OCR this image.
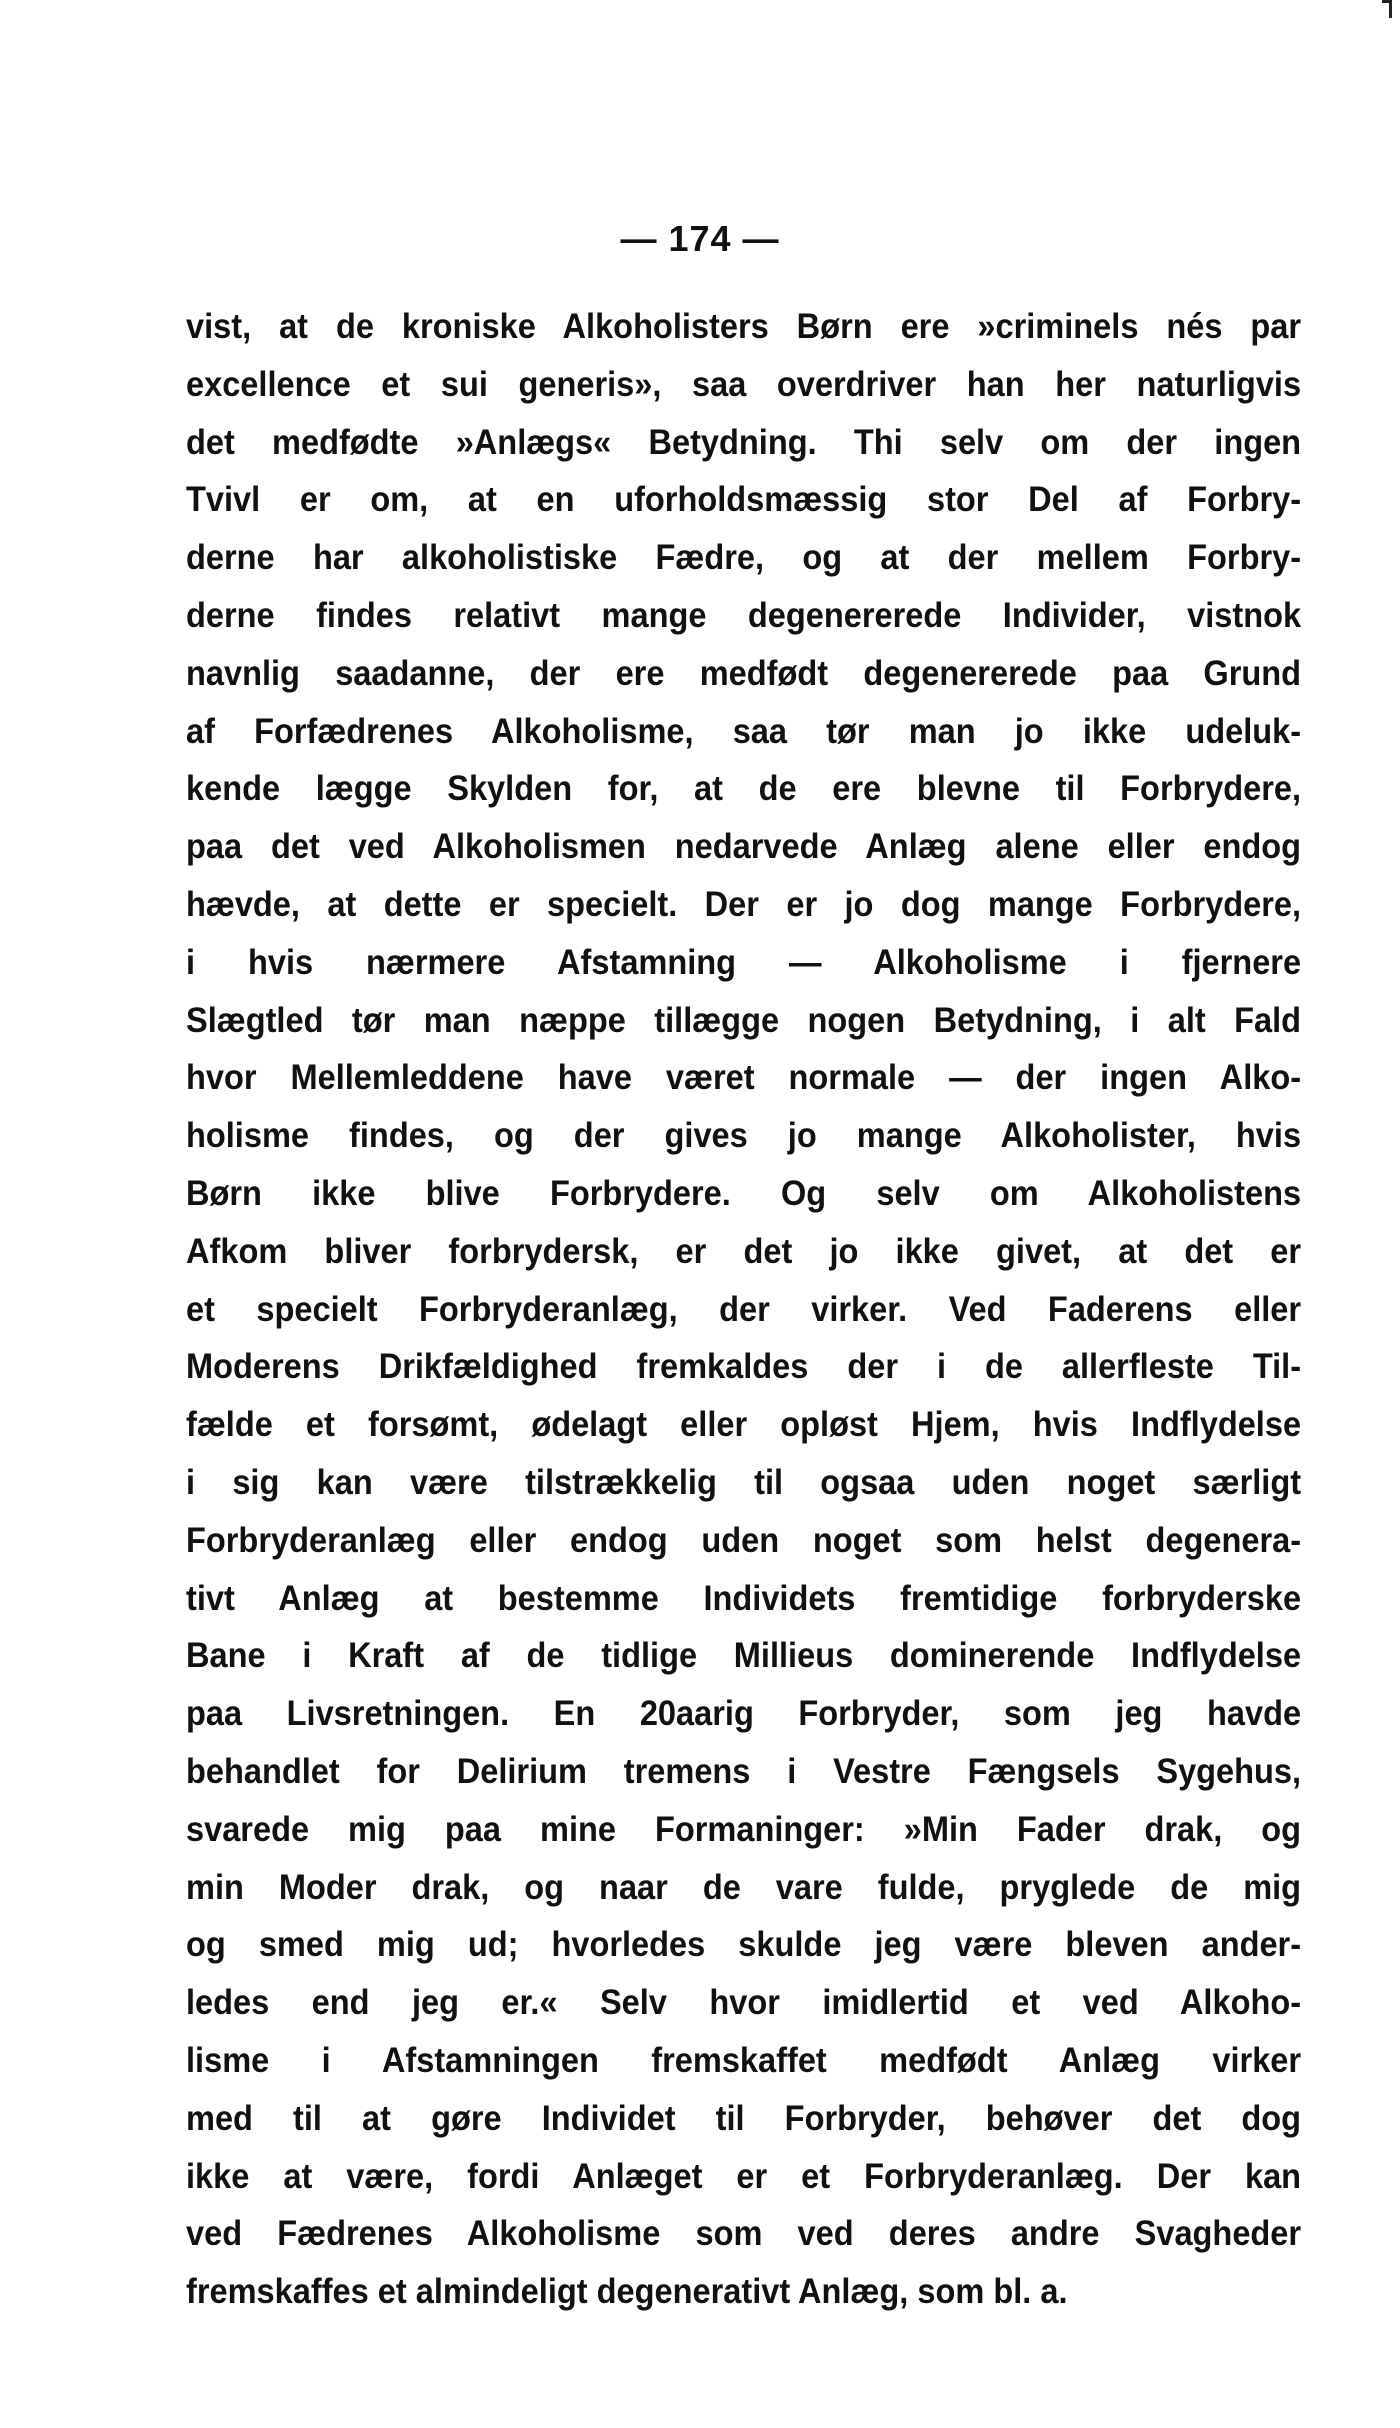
— 174 —
vist, at de kroniske Alkoholisters Børn ere »criminels nés par
excellence et sui generis», saa overdriver han her naturligvis
det medfødte »Anlægs« Betydning. Thi selv om der ingen
Tvivl er om, at en uforholdsmæssig stor Del af Forbry-
derne har alkoholistiske Fædre, og at der mellem Forbry-
derne findes relativt mange degenererede Individer, vistnok
navnlig saadanne, der ere medfødt degenererede paa Grund
af Forfædrenes Alkoholisme, saa tør man jo ikke udeluk-
kende lægge Skylden for, at de ere blevne til Forbrydere,
paa det ved Alkoholismen nedarvede Anlæg alene eller endog
hævde, at dette er specielt. Der er jo dog mange Forbrydere,
i hvis nærmere Afstamning — Alkoholisme i fjernere
Slægtled tør man næppe tillægge nogen Betydning, i alt Fald
hvor Mellemleddene have været normale — der ingen Alko-
holisme findes, og der gives jo mange Alkoholister, hvis
Børn ikke blive Forbrydere. Og selv om Alkoholistens
Afkom bliver forbrydersk, er det jo ikke givet, at det er
et specielt Forbryderanlæg, der virker. Ved Faderens eller
Moderens Drikfældighed fremkaldes der i de allerfleste Til-
fælde et forsømt, ødelagt eller opløst Hjem, hvis Indflydelse
i sig kan være tilstrækkelig til ogsaa uden noget særligt
Forbryderanlæg eller endog uden noget som helst degenera-
tivt Anlæg at bestemme Individets fremtidige forbryderske
Bane i Kraft af de tidlige Millieus dominerende Indflydelse
paa Livsretningen. En 20aarig Forbryder, som jeg havde
behandlet for Delirium tremens i Vestre Fængsels Sygehus,
svarede mig paa mine Formaninger: »Min Fader drak, og
min Moder drak, og naar de vare fulde, pryglede de mig
og smed mig ud; hvorledes skulde jeg være bleven ander-
ledes end jeg er.« Selv hvor imidlertid et ved Alkoho-
lisme i Afstamningen fremskaffet medfødt Anlæg virker
med til at gøre Individet til Forbryder, behøver det dog
ikke at være, fordi Anlæget er et Forbryderanlæg. Der kan
ved Fædrenes Alkoholisme som ved deres andre Svagheder
fremskaffes et almindeligt degenerativt Anlæg, som bl. a.
